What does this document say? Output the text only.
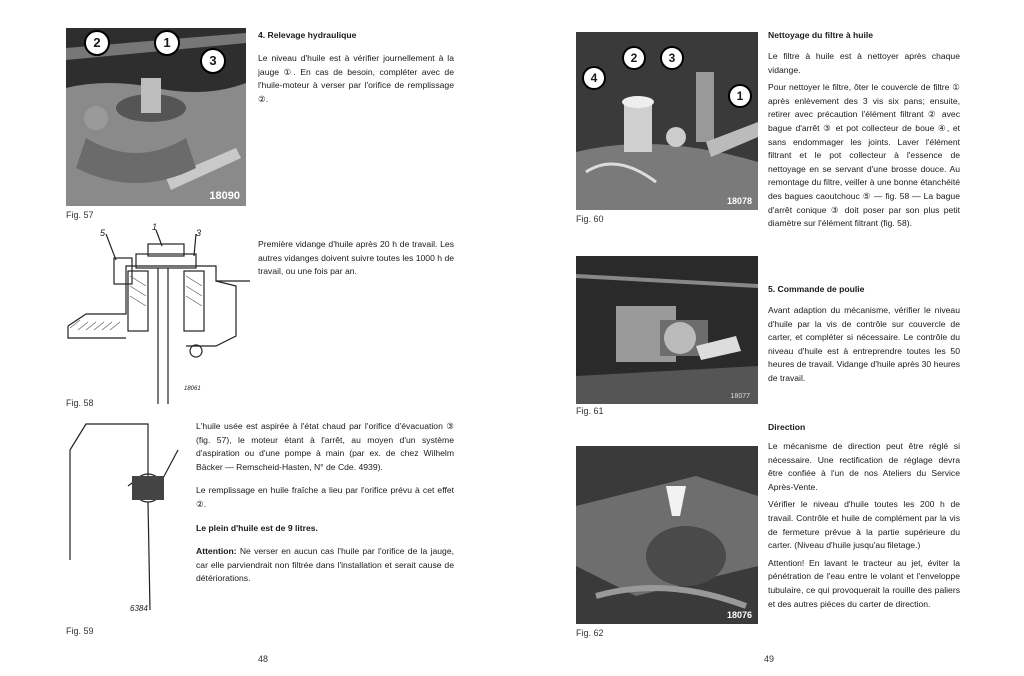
2	1
3
18090
Fig. 57
4. Relevage hydraulique

Le niveau d'huile est à vérifier journellement à la jauge ①. En cas de besoin, compléter avec de l'huile-moteur à verser par l'orifice de remplissage ②.

5
1
3
18061
Fig. 58
Première vidange d'huile après 20 h de travail. Les autres vidanges doivent suivre toutes les 1000 h de travail, ou une fois par an.
6384
Fig. 59

L'huile usée est aspirée à l'état chaud par l'orifice d'évacuation ③ (fig. 57), le moteur étant à l'arrêt, au moyen d'un système d'aspiration ou d'une pompe à main (par ex. de chez Wilhelm Bäcker — Remscheid-Hasten, N° de Cde. 4939).

Le remplissage en huile fraîche a lieu par l'orifice prévu à cet effet ②.

Le plein d'huile est de 9 litres.

Attention: Ne verser en aucun cas l'huile par l'orifice de la jauge, car elle parviendrait non filtrée dans l'installation et serait cause de détériorations.

48
4
2	3
1
18078
Fig. 60
Nettoyage du filtre à huile

Le filtre à huile est à nettoyer après chaque vidange.

Pour nettoyer le filtre, ôter le couvercle de filtre ① après enlèvement des 3 vis six pans; ensuite, retirer avec précaution l'élément filtrant ② avec bague d'arrêt ③ et pot collecteur de boue ④, et sans endommager les joints. Laver l'élément filtrant et le pot collecteur à l'essence de nettoyage en se servant d'une brosse douce. Au remontage du filtre, veiller à une bonne étanchéité des bagues caoutchouc ⑤ — fig. 58 — La bague d'arrêt conique ③ doit poser par son plus petit diamètre sur l'élément filtrant (fig. 58).

18077
Fig. 61
5. Commande de poulie
Avant adaption du mécanisme, vérifier le niveau d'huile par la vis de contrôle sur couvercle de carter, et compléter si nécessaire. Le contrôle du niveau d'huile est à entreprendre toutes les 50 heures de travail. Vidange d'huile après 30 heures de travail.
18076
Fig. 62
Direction

Le mécanisme de direction peut être réglé si nécessaire. Une rectification de réglage devra être confiée à l'un de nos Ateliers du Service Après-Vente.

Vérifier le niveau d'huile toutes les 200 h de travail. Contrôle et huile de complément par la vis de fermeture prévue à la partie supérieure du carter. (Niveau d'huile jusqu'au filetage.)

Attention! En lavant le tracteur au jet, éviter la pénétration de l'eau entre le volant et l'enveloppe tubulaire, ce qui provoquerait la rouille des paliers et des autres pièces du carter de direction.

49
